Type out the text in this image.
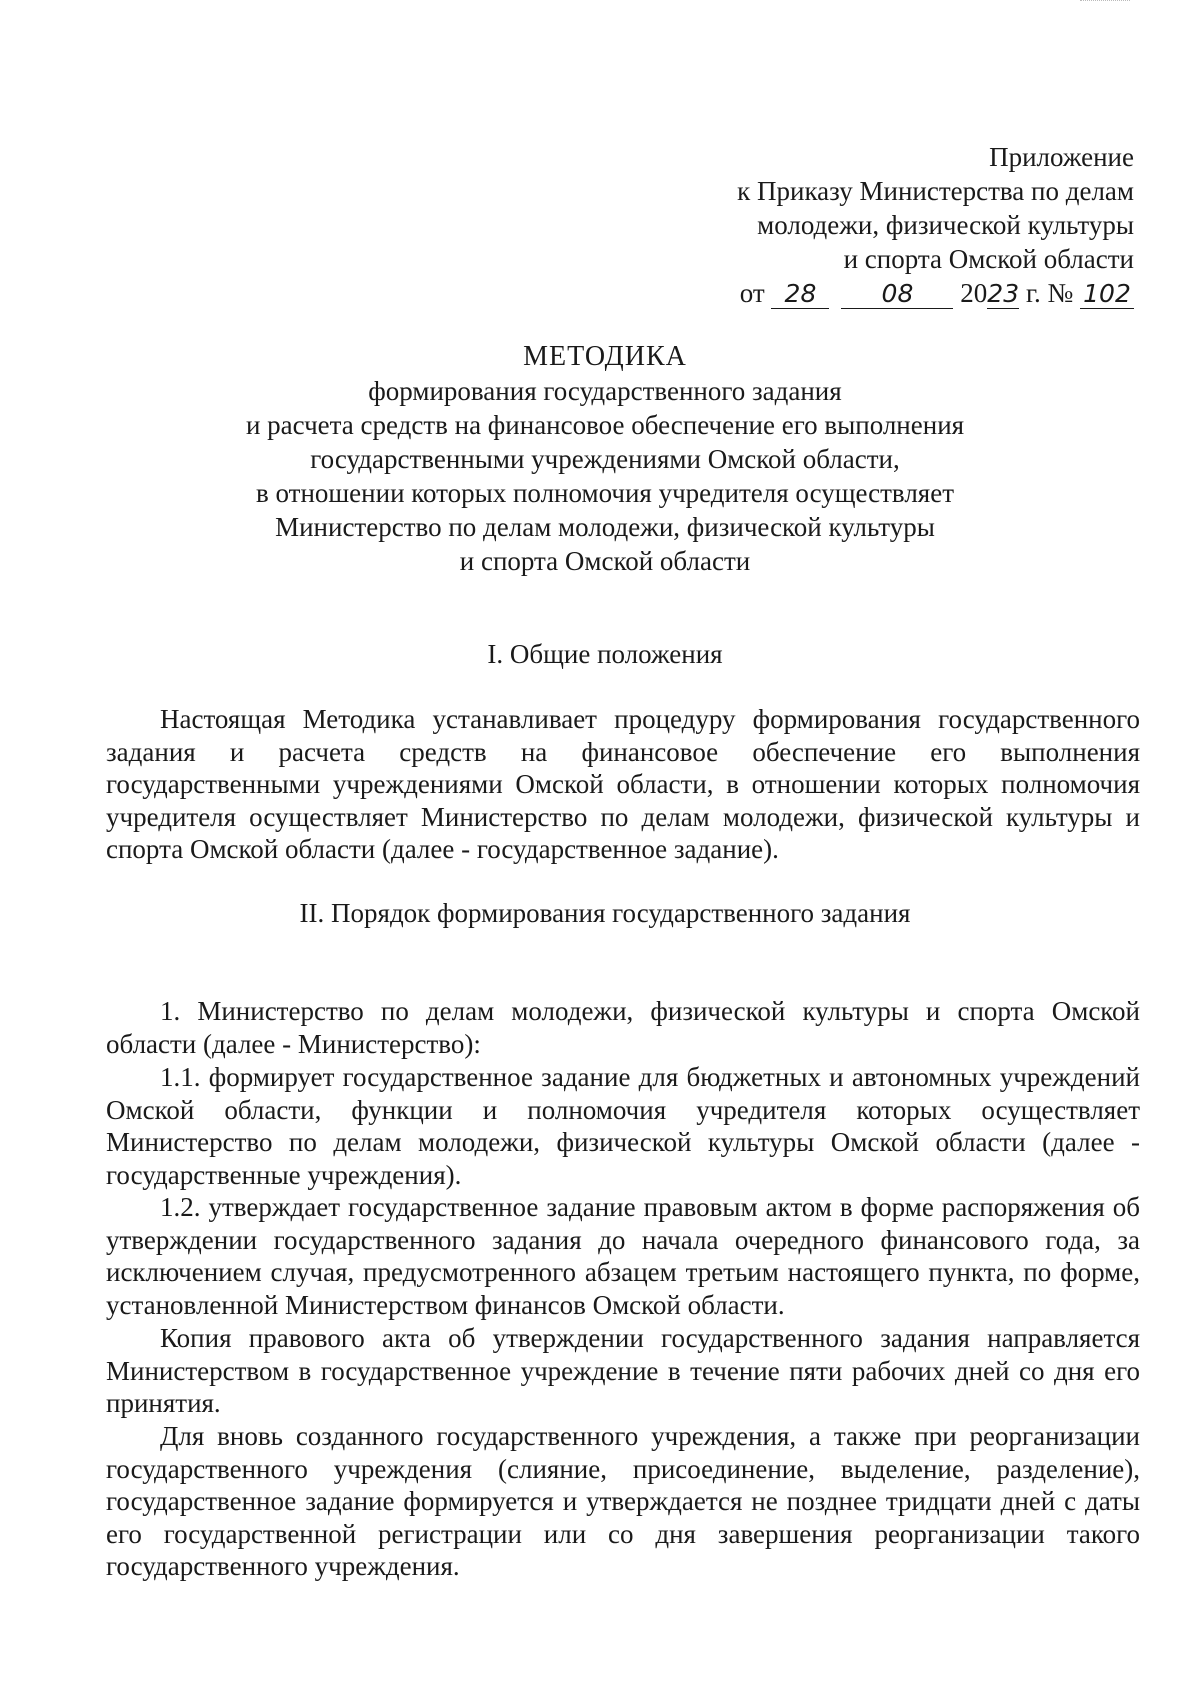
Приложение
к Приказу Министерства по делам
молодежи, физической культуры
и спорта Омской области
от 28	08 2023 г. № 102
МЕТОДИКА
формирования государственного задания
и расчета средств на финансовое обеспечение его выполнения
государственными учреждениями Омской области,
в отношении которых полномочия учредителя осуществляет
Министерство по делам молодежи, физической культуры
и спорта Омской области
I. Общие положения
Настоящая Методика устанавливает процедуру формирования государственного задания и расчета средств на финансовое обеспечение его выполнения государственными учреждениями Омской области, в отношении которых полномочия учредителя осуществляет Министерство по делам молодежи, физической культуры и спорта Омской области (далее - государственное задание).
II. Порядок формирования государственного задания
1. Министерство по делам молодежи, физической культуры и спорта Омской области (далее - Министерство):
1.1. формирует государственное задание для бюджетных и автономных учреждений Омской области, функции и полномочия учредителя которых осуществляет Министерство по делам молодежи, физической культуры Омской области (далее - государственные учреждения).
1.2. утверждает государственное задание правовым актом в форме распоряжения об утверждении государственного задания до начала очередного финансового года, за исключением случая, предусмотренного абзацем третьим настоящего пункта, по форме, установленной Министерством финансов Омской области.
Копия правового акта об утверждении государственного задания направляется Министерством в государственное учреждение в течение пяти рабочих дней со дня его принятия.
Для вновь созданного государственного учреждения, а также при реорганизации государственного учреждения (слияние, присоединение, выделение, разделение), государственное задание формируется и утверждается не позднее тридцати дней с даты его государственной регистрации или со дня завершения реорганизации такого государственного учреждения.
